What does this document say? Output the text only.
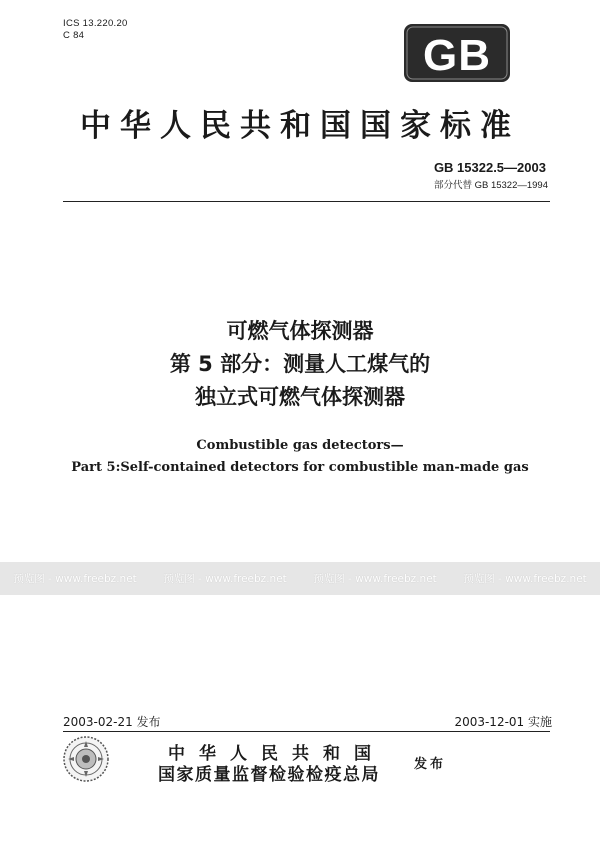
ICS 13.220.20
C 84	GB
中华人民共和国国家标准
GB 15322.5—2003
部分代替 GB 15322—1994
可燃气体探测器
第 5 部分：测量人工煤气的
独立式可燃气体探测器
Combustible gas detectors—
Part 5:Self-contained detectors for combustible man-made gas
预览图 - www.freebz.net	预览图 - www.freebz.net	预览图 - www.freebz.net	预览图 - www.freebz.net
2003-02-21 发布	2003-12-01 实施
中华人民共和国
国家质量监督检验检疫总局
发布
